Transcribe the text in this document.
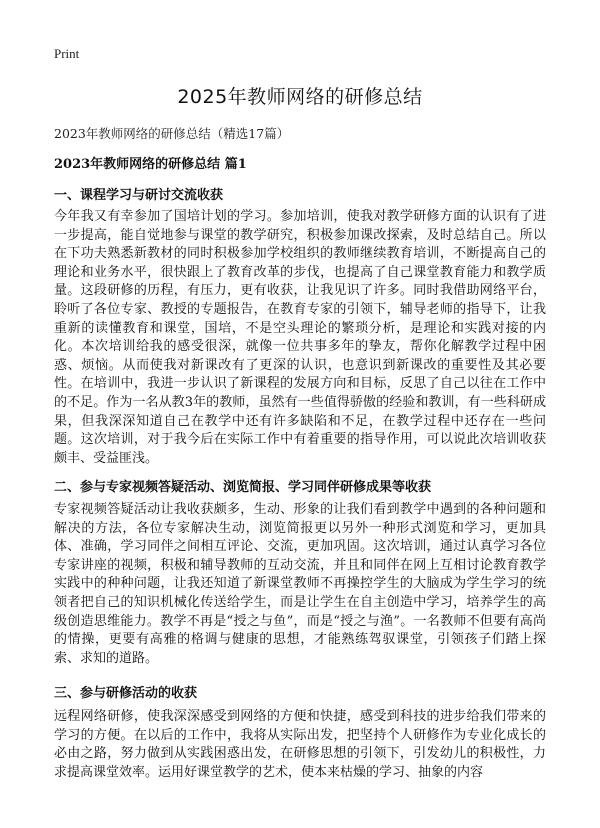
Print
2025年教师网络的研修总结
2023年教师网络的研修总结（精选17篇）
2023年教师网络的研修总结 篇1
一、课程学习与研讨交流收获

今年我又有幸参加了国培计划的学习。参加培训，使我对教学研修方面的认识有了进一步提高，能自觉地参与课堂的教学研究，积极参加课改探索，及时总结自己。所以在下功夫熟悉新教材的同时积极参加学校组织的教师继续教育培训，不断提高自己的理论和业务水平，很快跟上了教育改革的步伐，也提高了自己课堂教育能力和教学质量。这段研修的历程，有压力，更有收获，让我见识了许多。同时我借助网络平台，聆听了各位专家、教授的专题报告，在教育专家的引领下，辅导老师的指导下，让我重新的读懂教育和课堂，国培，不是空头理论的繁琐分析，是理论和实践对接的内化。本次培训给我的感受很深，就像一位共事多年的挚友，帮你化解教学过程中困惑、烦恼。从而使我对新课改有了更深的认识，也意识到新课改的重要性及其必要性。在培训中，我进一步认识了新课程的发展方向和目标，反思了自己以往在工作中的不足。作为一名从教3年的教师，虽然有一些值得骄傲的经验和教训，有一些科研成果，但我深深知道自己在教学中还有许多缺陷和不足，在教学过程中还存在一些问题。这次培训，对于我今后在实际工作中有着重要的指导作用，可以说此次培训收获颇丰、受益匪浅。

二、参与专家视频答疑活动、浏览简报、学习同伴研修成果等收获

专家视频答疑活动让我收获颇多，生动、形象的让我们看到教学中遇到的各种问题和解决的方法，各位专家解决生动，浏览简报更以另外一种形式浏览和学习，更加具体、准确，学习同伴之间相互评论、交流，更加巩固。这次培训，通过认真学习各位专家讲座的视频，积极和辅导教师的互动交流，并且和同伴在网上互相讨论教育教学实践中的种种问题，让我还知道了新课堂教师不再操控学生的大脑成为学生学习的统领者把自己的知识机械化传送给学生，而是让学生在自主创造中学习，培养学生的高级创造思维能力。教学不再是“授之与鱼”，而是“授之与渔”。一名教师不但要有高尚的情操，更要有高雅的格调与健康的思想，才能熟练驾驭课堂，引领孩子们踏上探索、求知的道路。

三、参与研修活动的收获

远程网络研修，使我深深感受到网络的方便和快捷，感受到科技的进步给我们带来的学习的方便。在以后的工作中，我将从实际出发，把坚持个人研修作为专业化成长的必由之路，努力做到从实践困惑出发，在研修思想的引领下，引发幼儿的积极性，力求提高课堂效率。运用好课堂教学的艺术，使本来枯燥的学习、抽象的内容
